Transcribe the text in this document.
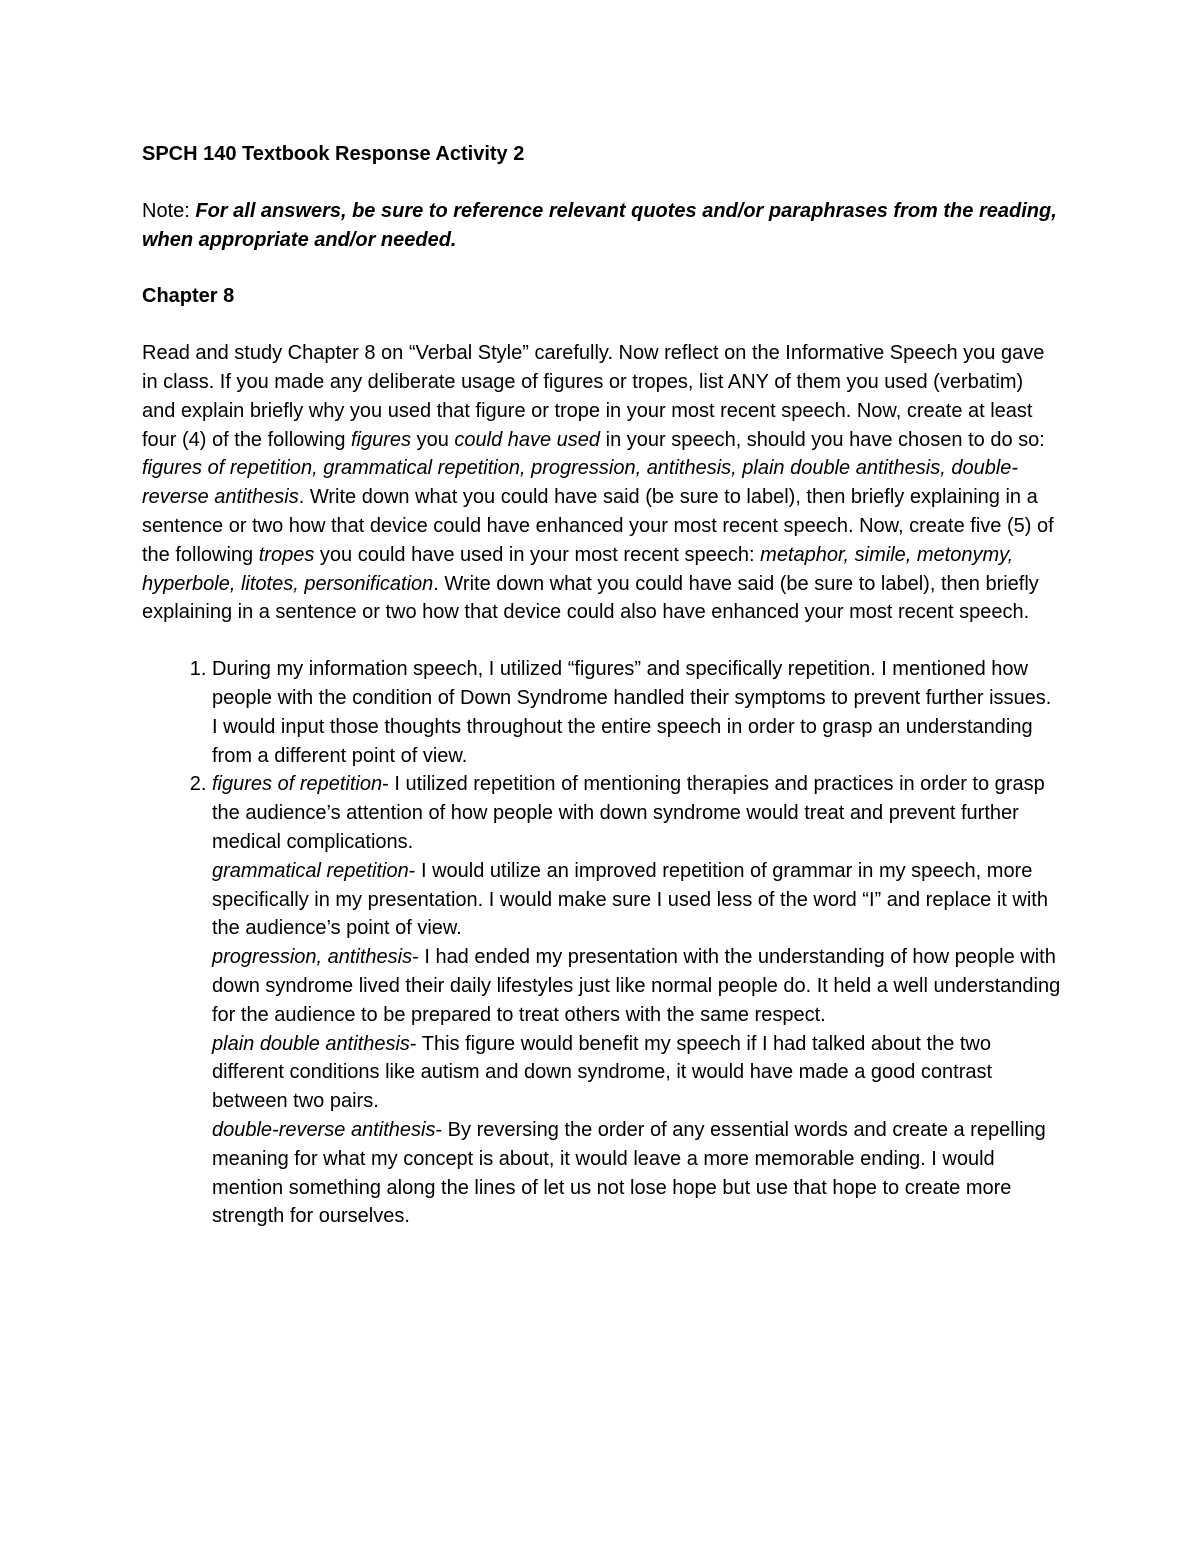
SPCH 140 Textbook Response Activity 2

Note: For all answers, be sure to reference relevant quotes and/or paraphrases from the reading, when appropriate and/or needed.

Chapter 8

Read and study Chapter 8 on “Verbal Style” carefully. Now reflect on the Informative Speech you gave in class. If you made any deliberate usage of figures or tropes, list ANY of them you used (verbatim) and explain briefly why you used that figure or trope in your most recent speech. Now, create at least four (4) of the following figures you could have used in your speech, should you have chosen to do so: figures of repetition, grammatical repetition, progression, antithesis, plain double antithesis, double-reverse antithesis. Write down what you could have said (be sure to label), then briefly explaining in a sentence or two how that device could have enhanced your most recent speech. Now, create five (5) of the following tropes you could have used in your most recent speech: metaphor, simile, metonymy, hyperbole, litotes, personification. Write down what you could have said (be sure to label), then briefly explaining in a sentence or two how that device could also have enhanced your most recent speech.

1. During my information speech, I utilized “figures” and specifically repetition. I mentioned how people with the condition of Down Syndrome handled their symptoms to prevent further issues. I would input those thoughts throughout the entire speech in order to grasp an understanding from a different point of view.
2. figures of repetition- I utilized repetition of mentioning therapies and practices in order to grasp the audience’s attention of how people with down syndrome would treat and prevent further medical complications.
grammatical repetition- I would utilize an improved repetition of grammar in my speech, more specifically in my presentation. I would make sure I used less of the word “I” and replace it with the audience’s point of view.
progression, antithesis- I had ended my presentation with the understanding of how people with down syndrome lived their daily lifestyles just like normal people do. It held a well understanding for the audience to be prepared to treat others with the same respect.
plain double antithesis- This figure would benefit my speech if I had talked about the two different conditions like autism and down syndrome, it would have made a good contrast between two pairs.
double-reverse antithesis- By reversing the order of any essential words and create a repelling meaning for what my concept is about, it would leave a more memorable ending. I would mention something along the lines of let us not lose hope but use that hope to create more strength for ourselves.
